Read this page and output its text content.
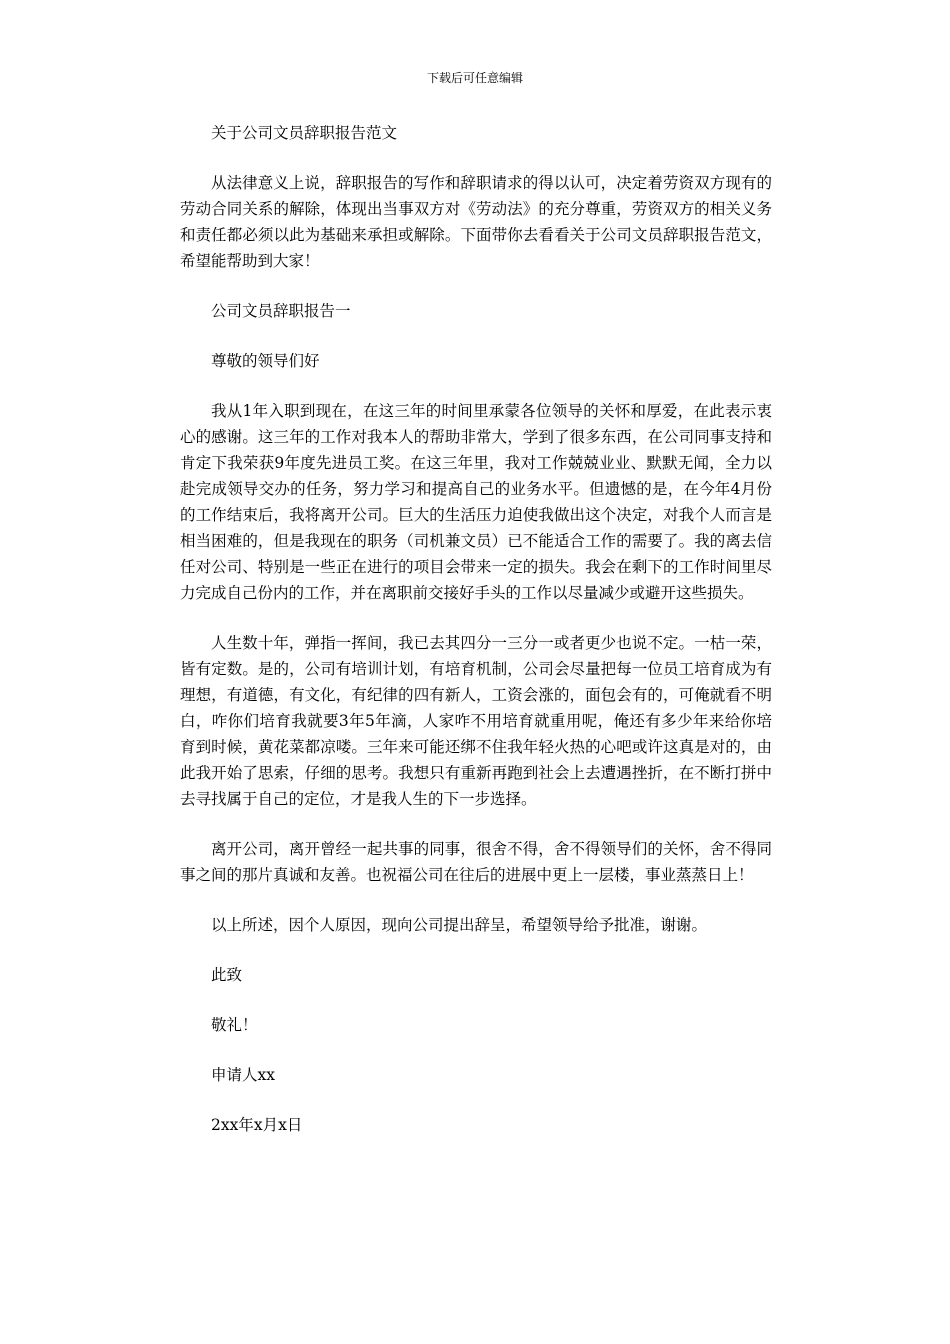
下载后可任意编辑

关于公司文员辞职报告范文

从法律意义上说，辞职报告的写作和辞职请求的得以认可，决定着劳资双方现有的劳动合同关系的解除，体现出当事双方对《劳动法》的充分尊重，劳资双方的相关义务和责任都必须以此为基础来承担或解除。下面带你去看看关于公司文员辞职报告范文，希望能帮助到大家！

公司文员辞职报告一

尊敬的领导们好

我从1年入职到现在，在这三年的时间里承蒙各位领导的关怀和厚爱，在此表示衷心的感谢。这三年的工作对我本人的帮助非常大，学到了很多东西，在公司同事支持和肯定下我荣获9年度先进员工奖。在这三年里，我对工作兢兢业业、默默无闻，全力以赴完成领导交办的任务，努力学习和提高自己的业务水平。但遗憾的是，在今年4月份的工作结束后，我将离开公司。巨大的生活压力迫使我做出这个决定，对我个人而言是相当困难的，但是我现在的职务（司机兼文员）已不能适合工作的需要了。我的离去信任对公司、特别是一些正在进行的项目会带来一定的损失。我会在剩下的工作时间里尽力完成自己份内的工作，并在离职前交接好手头的工作以尽量减少或避开这些损失。

人生数十年，弹指一挥间，我已去其四分一三分一或者更少也说不定。一枯一荣，皆有定数。是的，公司有培训计划，有培育机制，公司会尽量把每一位员工培育成为有理想，有道德，有文化，有纪律的四有新人，工资会涨的，面包会有的，可俺就看不明白，咋你们培育我就要3年5年滴，人家咋不用培育就重用呢，俺还有多少年来给你培育到时候，黄花菜都凉喽。三年来可能还绑不住我年轻火热的心吧或许这真是对的，由此我开始了思索，仔细的思考。我想只有重新再跑到社会上去遭遇挫折，在不断打拼中去寻找属于自己的定位，才是我人生的下一步选择。

离开公司，离开曾经一起共事的同事，很舍不得，舍不得领导们的关怀，舍不得同事之间的那片真诚和友善。也祝福公司在往后的进展中更上一层楼，事业蒸蒸日上！

以上所述，因个人原因，现向公司提出辞呈，希望领导给予批准，谢谢。

此致

敬礼！

申请人xx

2xx年x月x日
